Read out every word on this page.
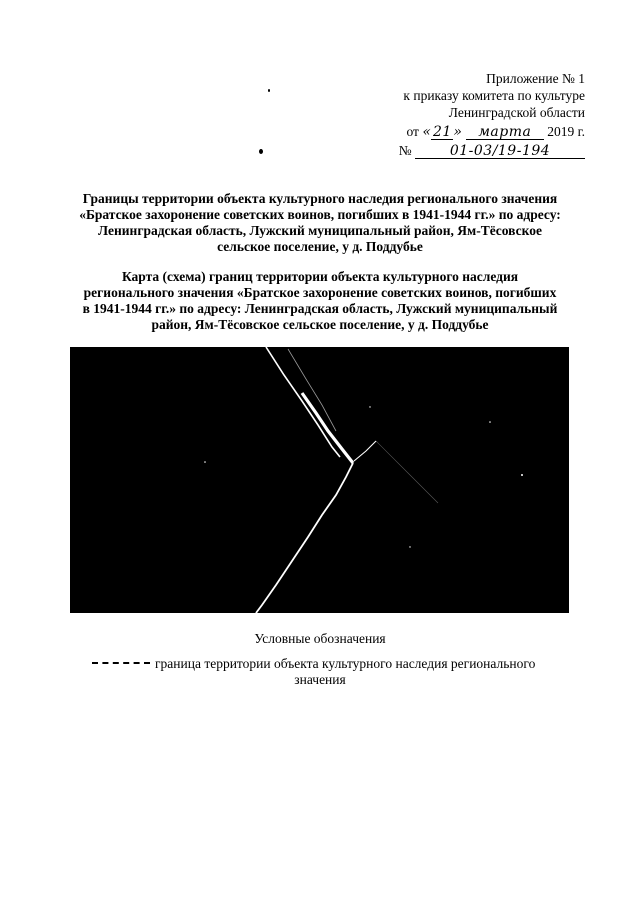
Приложение № 1
к приказу комитета по культуре
Ленинградской области
от « 21 » марта 2019 г.
№	01-03/19-194
Границы территории объекта культурного наследия регионального значения
«Братское захоронение советских воинов, погибших в 1941-1944 гг.» по адресу:
Ленинградская область, Лужский муниципальный район, Ям-Тёсовское
сельское поселение, у д. Поддубье
Карта (схема) границ территории объекта культурного наследия
регионального значения «Братское захоронение советских воинов, погибших
в 1941-1944 гг.» по адресу: Ленинградская область, Лужский муниципальный
район, Ям-Тёсовское сельское поселение, у д. Поддубье
Условные обозначения
граница территории объекта культурного наследия регионального
значения
